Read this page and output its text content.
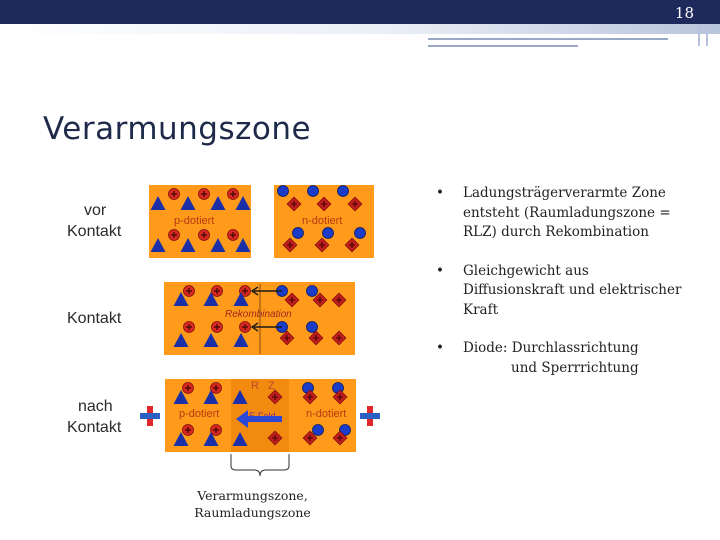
18
Verarmungszone
• Ladungsträgerverarmte Zone
entsteht (Raumladungszone =
RLZ) durch Rekombination
• Gleichgewicht aus
Diffusionskraft und elektrischer
Kraft
• Diode: Durchlassrichtung
und Sperrrichtung
vor
Kontakt
Kontakt
nach
Kontakt
p-dotiert	n-dotiert
Rekombination
p-dotiert	n-dotiert
R Z
Verarmungszone,
Raumladungszone
